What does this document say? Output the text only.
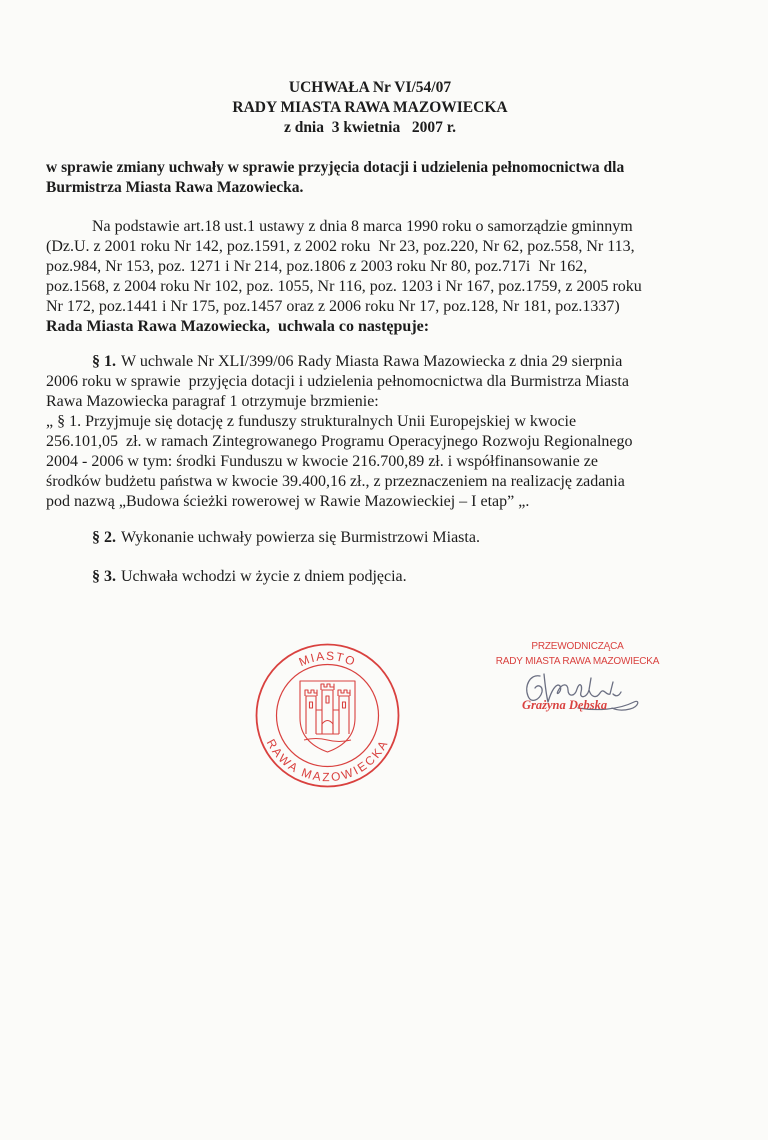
UCHWAŁA Nr VI/54/07
RADY MIASTA RAWA MAZOWIECKA
z dnia  3 kwietnia   2007 r.
w sprawie zmiany uchwały w sprawie przyjęcia dotacji i udzielenia pełnomocnictwa dla
Burmistrza Miasta Rawa Mazowiecka.
Na podstawie art.18 ust.1 ustawy z dnia 8 marca 1990 roku o samorządzie gminnym
(Dz.U. z 2001 roku Nr 142, poz.1591, z 2002 roku  Nr 23, poz.220, Nr 62, poz.558, Nr 113,
poz.984, Nr 153, poz. 1271 i Nr 214, poz.1806 z 2003 roku Nr 80, poz.717i  Nr 162,
poz.1568, z 2004 roku Nr 102, poz. 1055, Nr 116, poz. 1203 i Nr 167, poz.1759, z 2005 roku
Nr 172, poz.1441 i Nr 175, poz.1457 oraz z 2006 roku Nr 17, poz.128, Nr 181, poz.1337)
Rada Miasta Rawa Mazowiecka,  uchwala co następuje:
§ 1. W uchwale Nr XLI/399/06 Rady Miasta Rawa Mazowiecka z dnia 29 sierpnia
2006 roku w sprawie  przyjęcia dotacji i udzielenia pełnomocnictwa dla Burmistrza Miasta
Rawa Mazowiecka paragraf 1 otrzymuje brzmienie:
„ § 1. Przyjmuje się dotację z funduszy strukturalnych Unii Europejskiej w kwocie
256.101,05  zł. w ramach Zintegrowanego Programu Operacyjnego Rozwoju Regionalnego
2004 - 2006 w tym: środki Funduszu w kwocie 216.700,89 zł. i współfinansowanie ze
środków budżetu państwa w kwocie 39.400,16 zł., z przeznaczeniem na realizację zadania
pod nazwą „Budowa ścieżki rowerowej w Rawie Mazowieckiej – I etap” „.
§ 2. Wykonanie uchwały powierza się Burmistrzowi Miasta.
§ 3. Uchwała wchodzi w życie z dniem podjęcia.
MIASTO
RAWA MAZOWIECKA
PRZEWODNICZĄCA
RADY MIASTA RAWA MAZOWIECKA
Grażyna Dębska
